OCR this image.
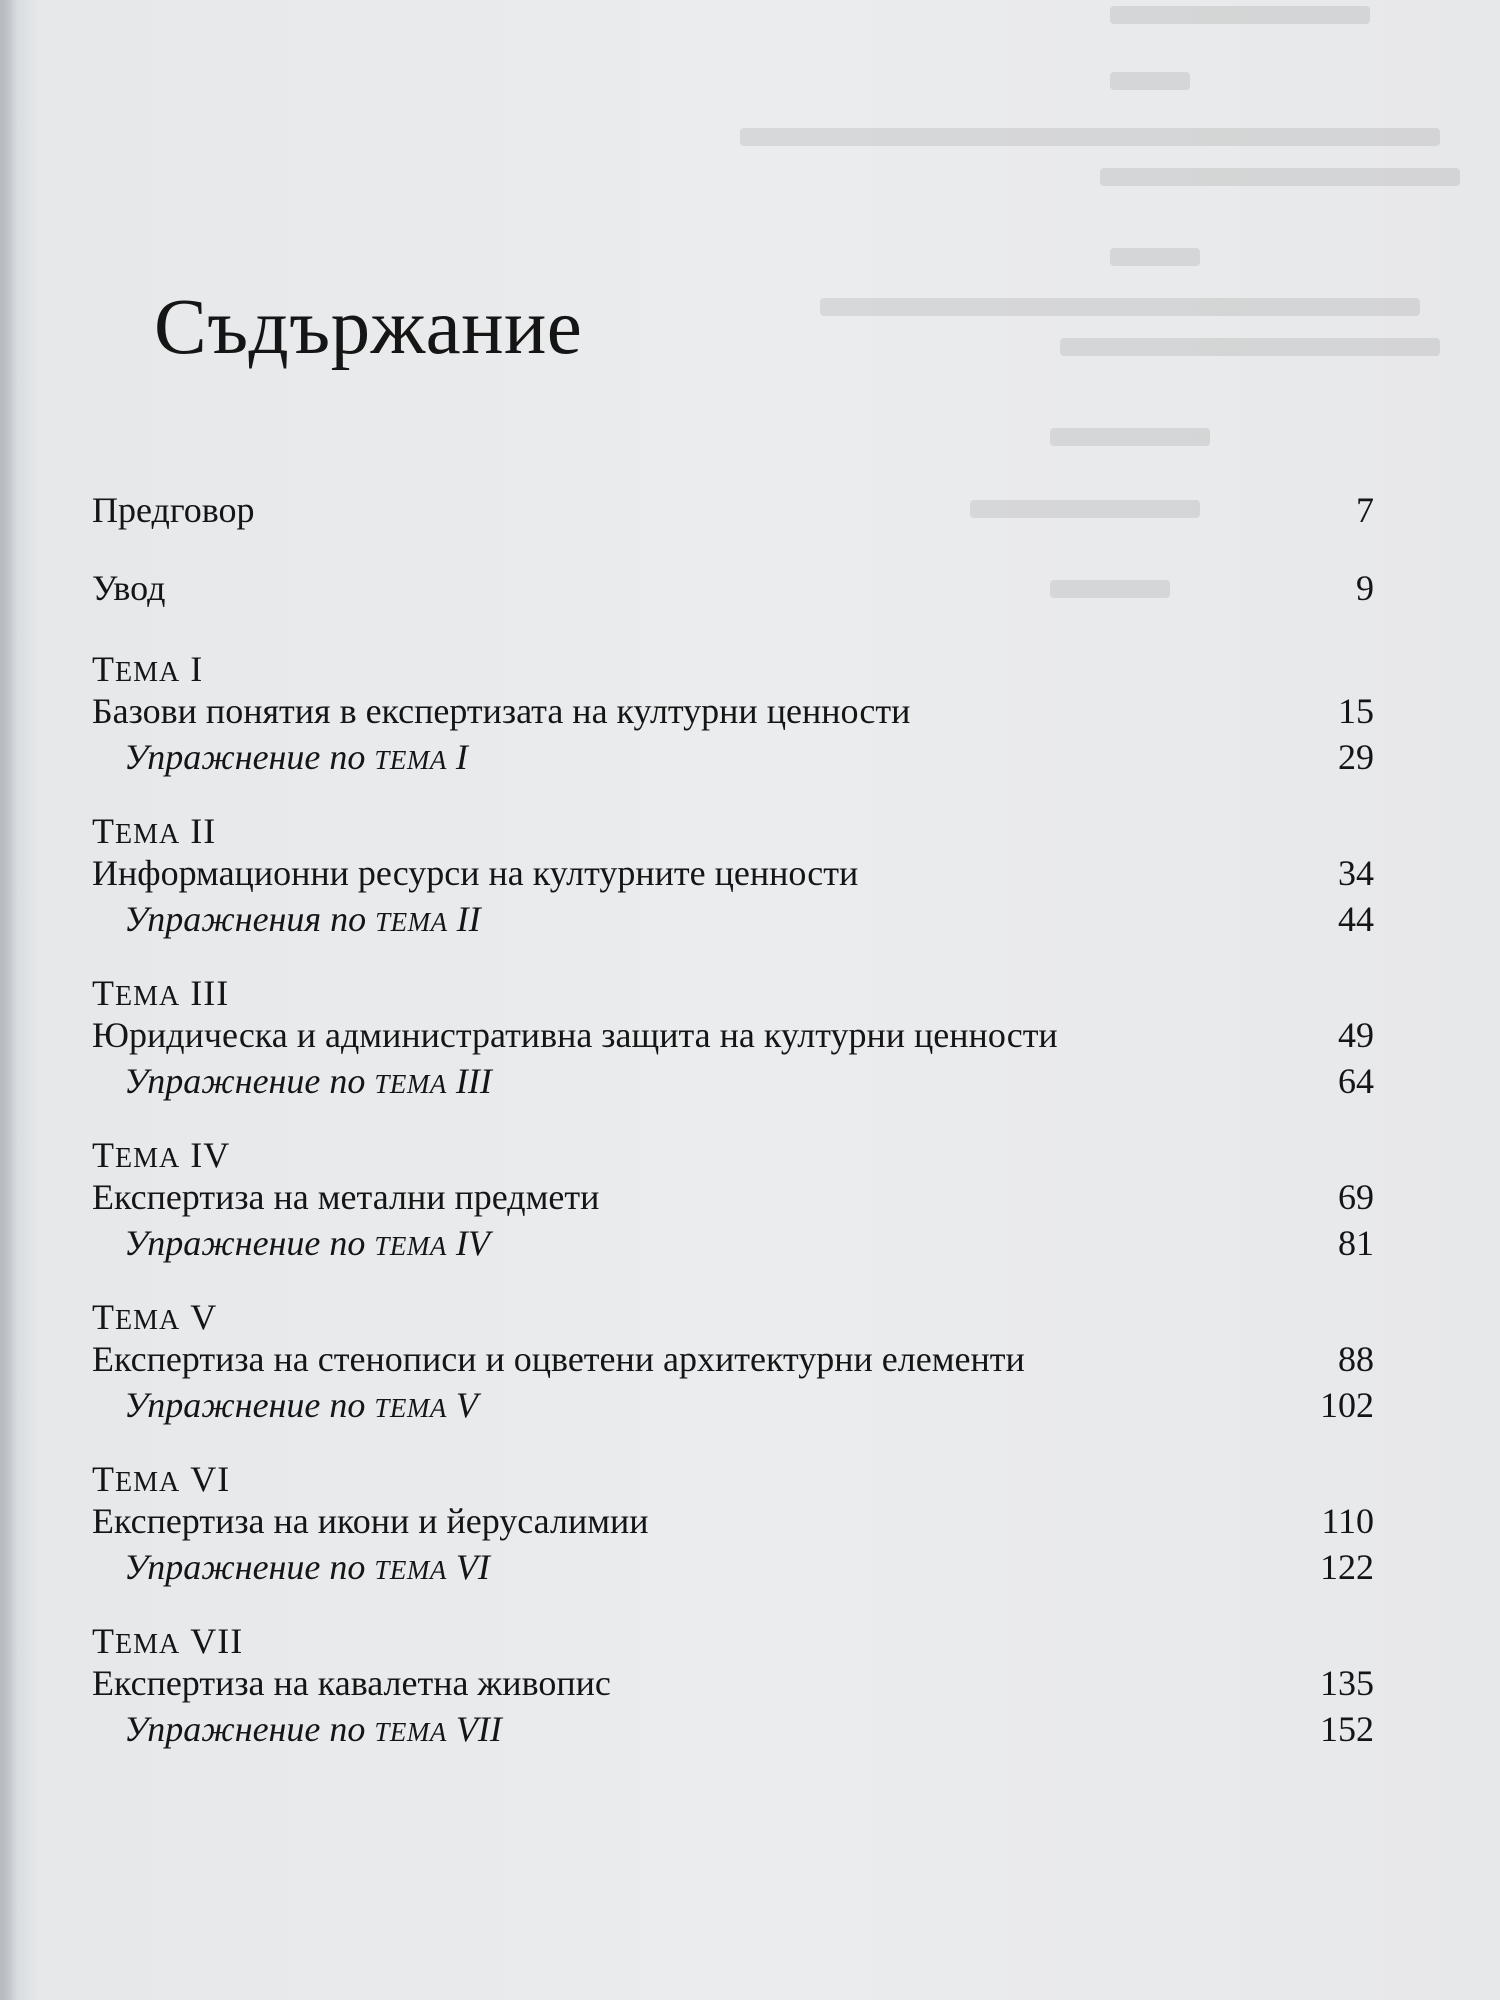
Съдържание
Предговор	7
Увод	9
ТЕМА I
Базови понятия в експертизата на културни ценности	15
Упражнение по ТЕМА I	29
ТЕМА II
Информационни ресурси на културните ценности	34
Упражнения по ТЕМА II	44
ТЕМА III
Юридическа и административна защита на културни ценности	49
Упражнение по ТЕМА III	64
ТЕМА IV
Експертиза на метални предмети	69
Упражнение по ТЕМА IV	81
ТЕМА V
Експертиза на стенописи и оцветени архитектурни елементи	88
Упражнение по ТЕМА V	102
ТЕМА VI
Експертиза на икони и йерусалимии	110
Упражнение по ТЕМА VI	122
ТЕМА VII
Експертиза на кавалетна живопис	135
Упражнение по ТЕМА VII	152
